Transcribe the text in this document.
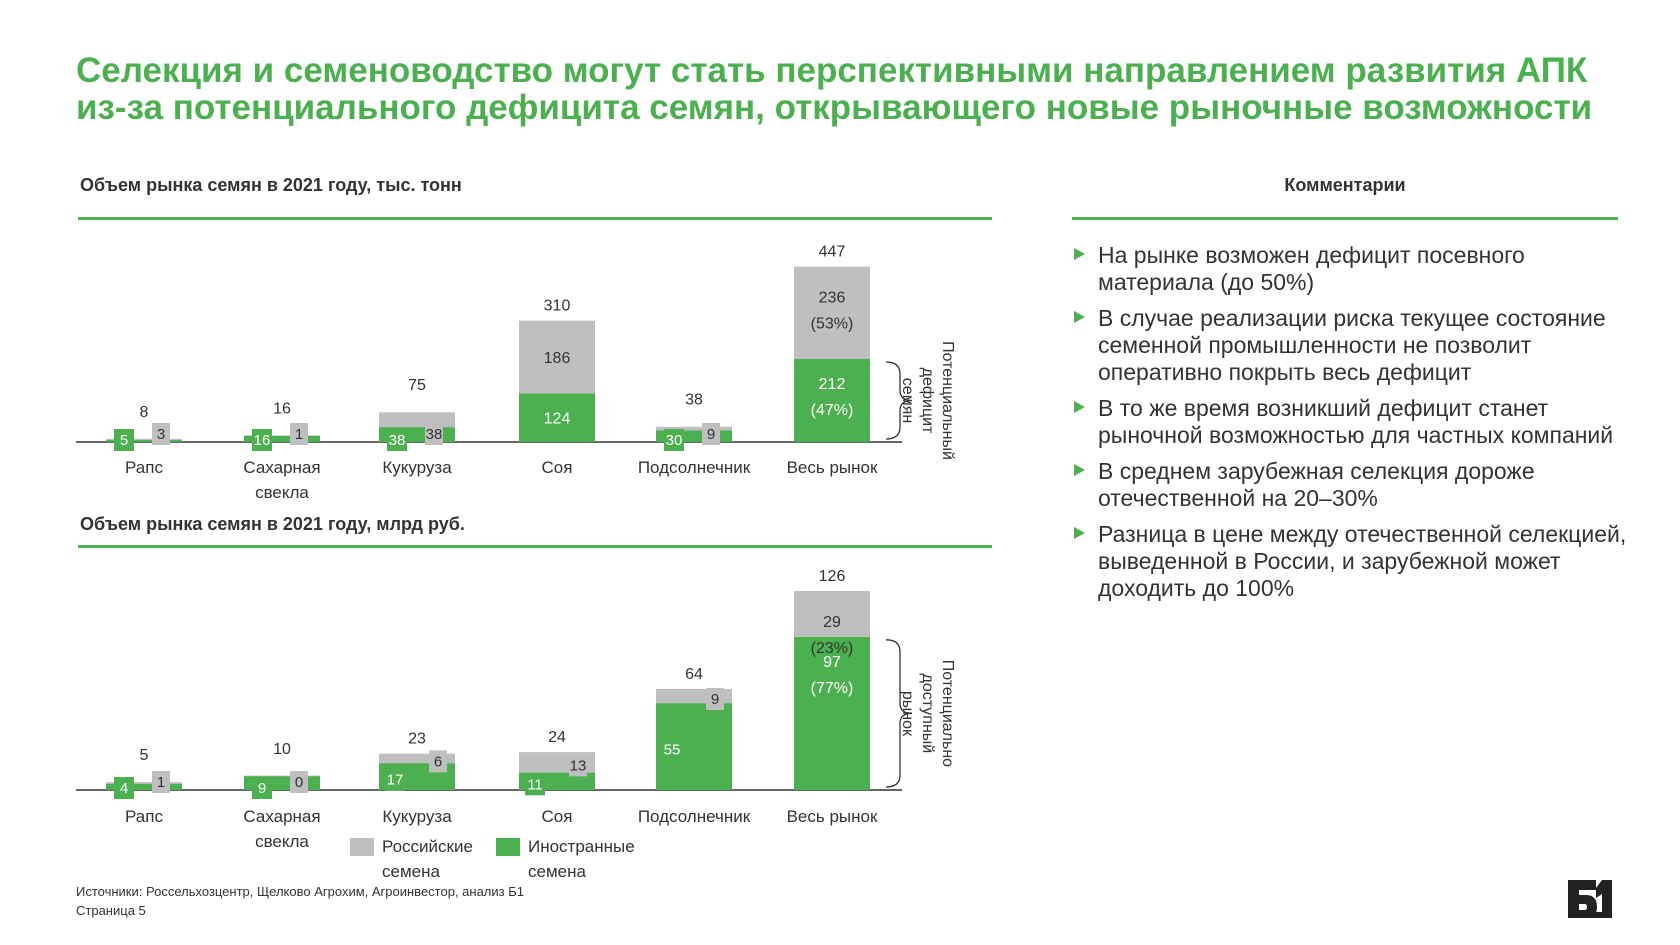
Селекция и семеноводство могут стать перспективными направлением развития АПК
из-за потенциального дефицита семян, открывающего новые рыночные возможности
Объем рынка семян в 2021 году, тыс. тонн
8
5 3
Рапс
16
16 1
Сахарная свекла
75
38 38
Кукуруза
310
124
186
Соя
38
30 9
Подсолнечник
447
212
236
(47%)
(53%)
Весь рынок
Потенциальныйдефицитсемян
Объем рынка семян в 2021 году, млрд руб.
5
4 1
Рапс
10
9 0
Сахарная свекла
23
17
6
Кукуруза
24
11
13
Соя
64
55
9
Подсолнечник
126
97
29
(77%)
(23%)
Весь рынок
Потенциальнодоступныйрынок
Комментарии
На рынке возможен дефицит посевного материала (до 50%)
В случае реализации риска текущее состояние семенной промышленности не позволит оперативно покрыть весь дефицит
В то же время возникший дефицит станет рыночной возможностью для частных компаний
В среднем зарубежная селекция дороже отечественной на 20–30%
Разница в цене между отечественной селекцией, выведенной в России, и зарубежной может доходить до 100%
Российские семена
Иностранные семена
Источники: Россельхозцентр, Щелково Агрохим, Агроинвестор, анализ Б1
Страница 5
